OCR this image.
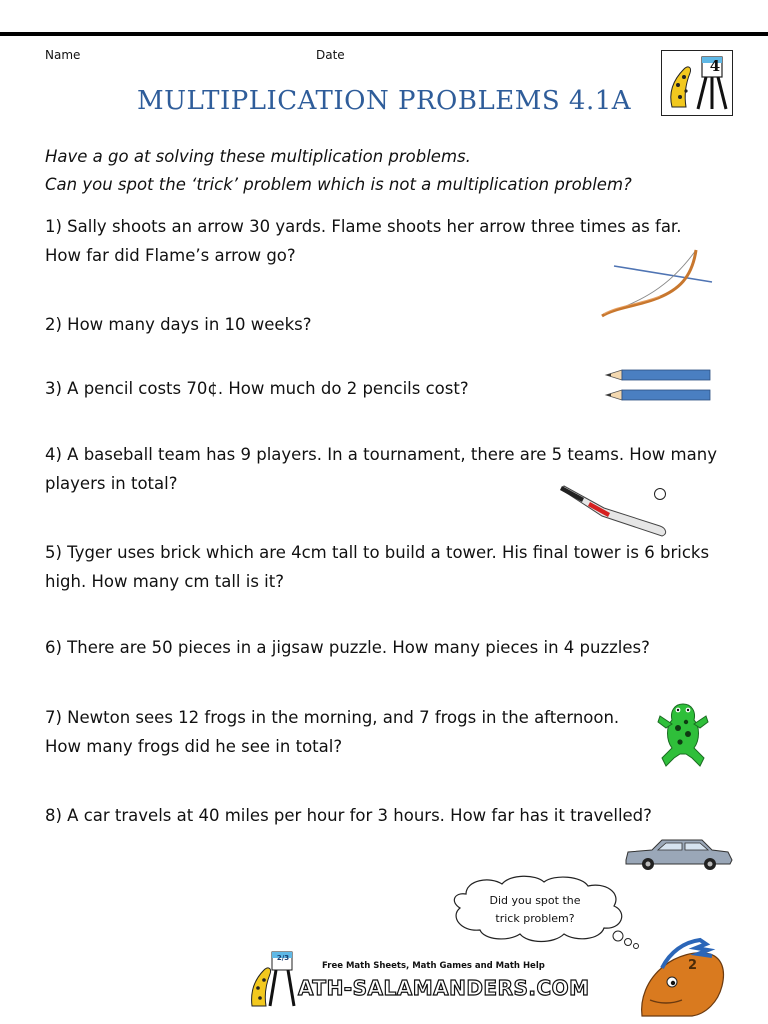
Name	Date
4
MULTIPLICATION PROBLEMS 4.1A
Have a go at solving these multiplication problems.
Can you spot the ‘trick’ problem which is not a multiplication problem?
1) Sally shoots an arrow 30 yards. Flame shoots her arrow three times as far.
How far did Flame’s arrow go?
2) How many days in 10 weeks?
3) A pencil costs 70¢. How much do 2 pencils cost?
4) A baseball team has 9 players. In a tournament, there are 5 teams. How many
players in total?
5) Tyger uses brick which are 4cm tall to build a tower. His final tower is 6 bricks
high. How many cm tall is it?
6) There are 50 pieces in a jigsaw puzzle. How many pieces in 4 puzzles?
7) Newton sees 12 frogs in the morning, and 7 frogs in the afternoon.
How many frogs did he see in total?
8) A car travels at 40 miles per hour for 3 hours. How far has it travelled?
Did you spot the
trick problem?
2
2/3
Free Math Sheets, Math Games and Math Help
ATH-SALAMANDERS.COM
